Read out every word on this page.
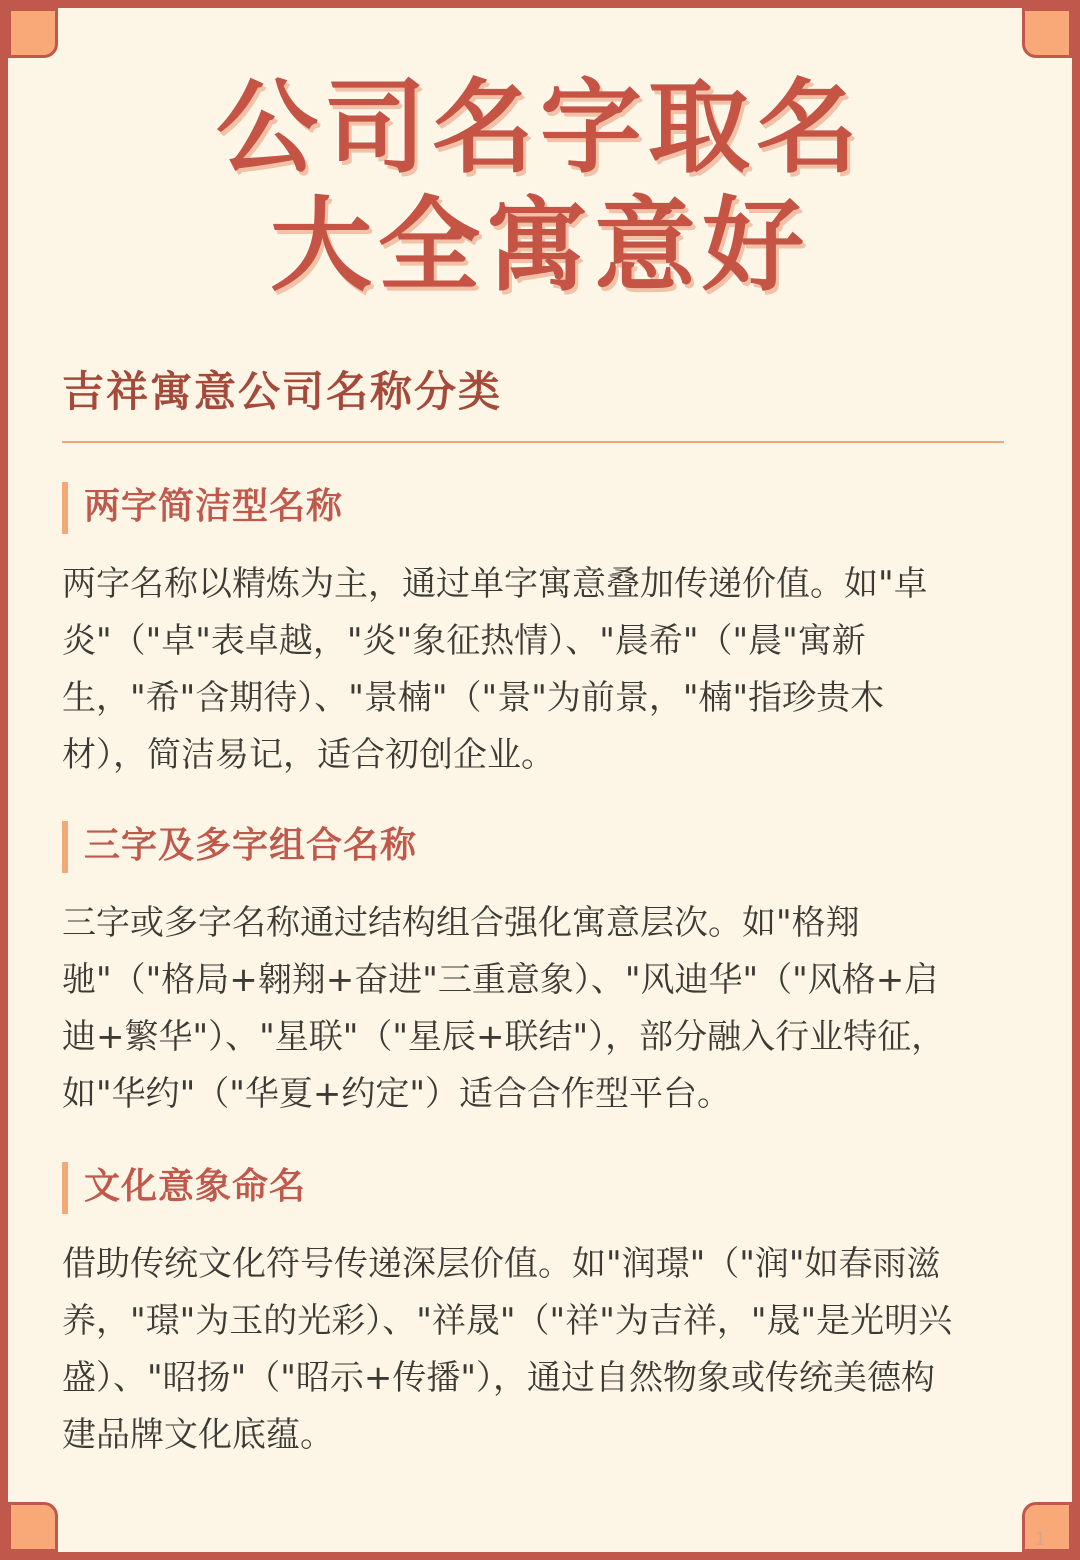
公司名字取名
大全寓意好
吉祥寓意公司名称分类
两字简洁型名称
两字名称以精炼为主，通过单字寓意叠加传递价值。如"卓
炎"（"卓"表卓越，"炎"象征热情）、"晨希"（"晨"寓新
生，"希"含期待）、"景楠"（"景"为前景，"楠"指珍贵木
材），简洁易记，适合初创企业。
三字及多字组合名称
三字或多字名称通过结构组合强化寓意层次。如"格翔
驰"（"格局+翱翔+奋进"三重意象）、"风迪华"（"风格+启
迪+繁华"）、"星联"（"星辰+联结"），部分融入行业特征，
如"华约"（"华夏+约定"）适合合作型平台。
文化意象命名
借助传统文化符号传递深层价值。如"润璟"（"润"如春雨滋
养，"璟"为玉的光彩）、"祥晟"（"祥"为吉祥，"晟"是光明兴
盛）、"昭扬"（"昭示+传播"），通过自然物象或传统美德构
建品牌文化底蕴。
1
